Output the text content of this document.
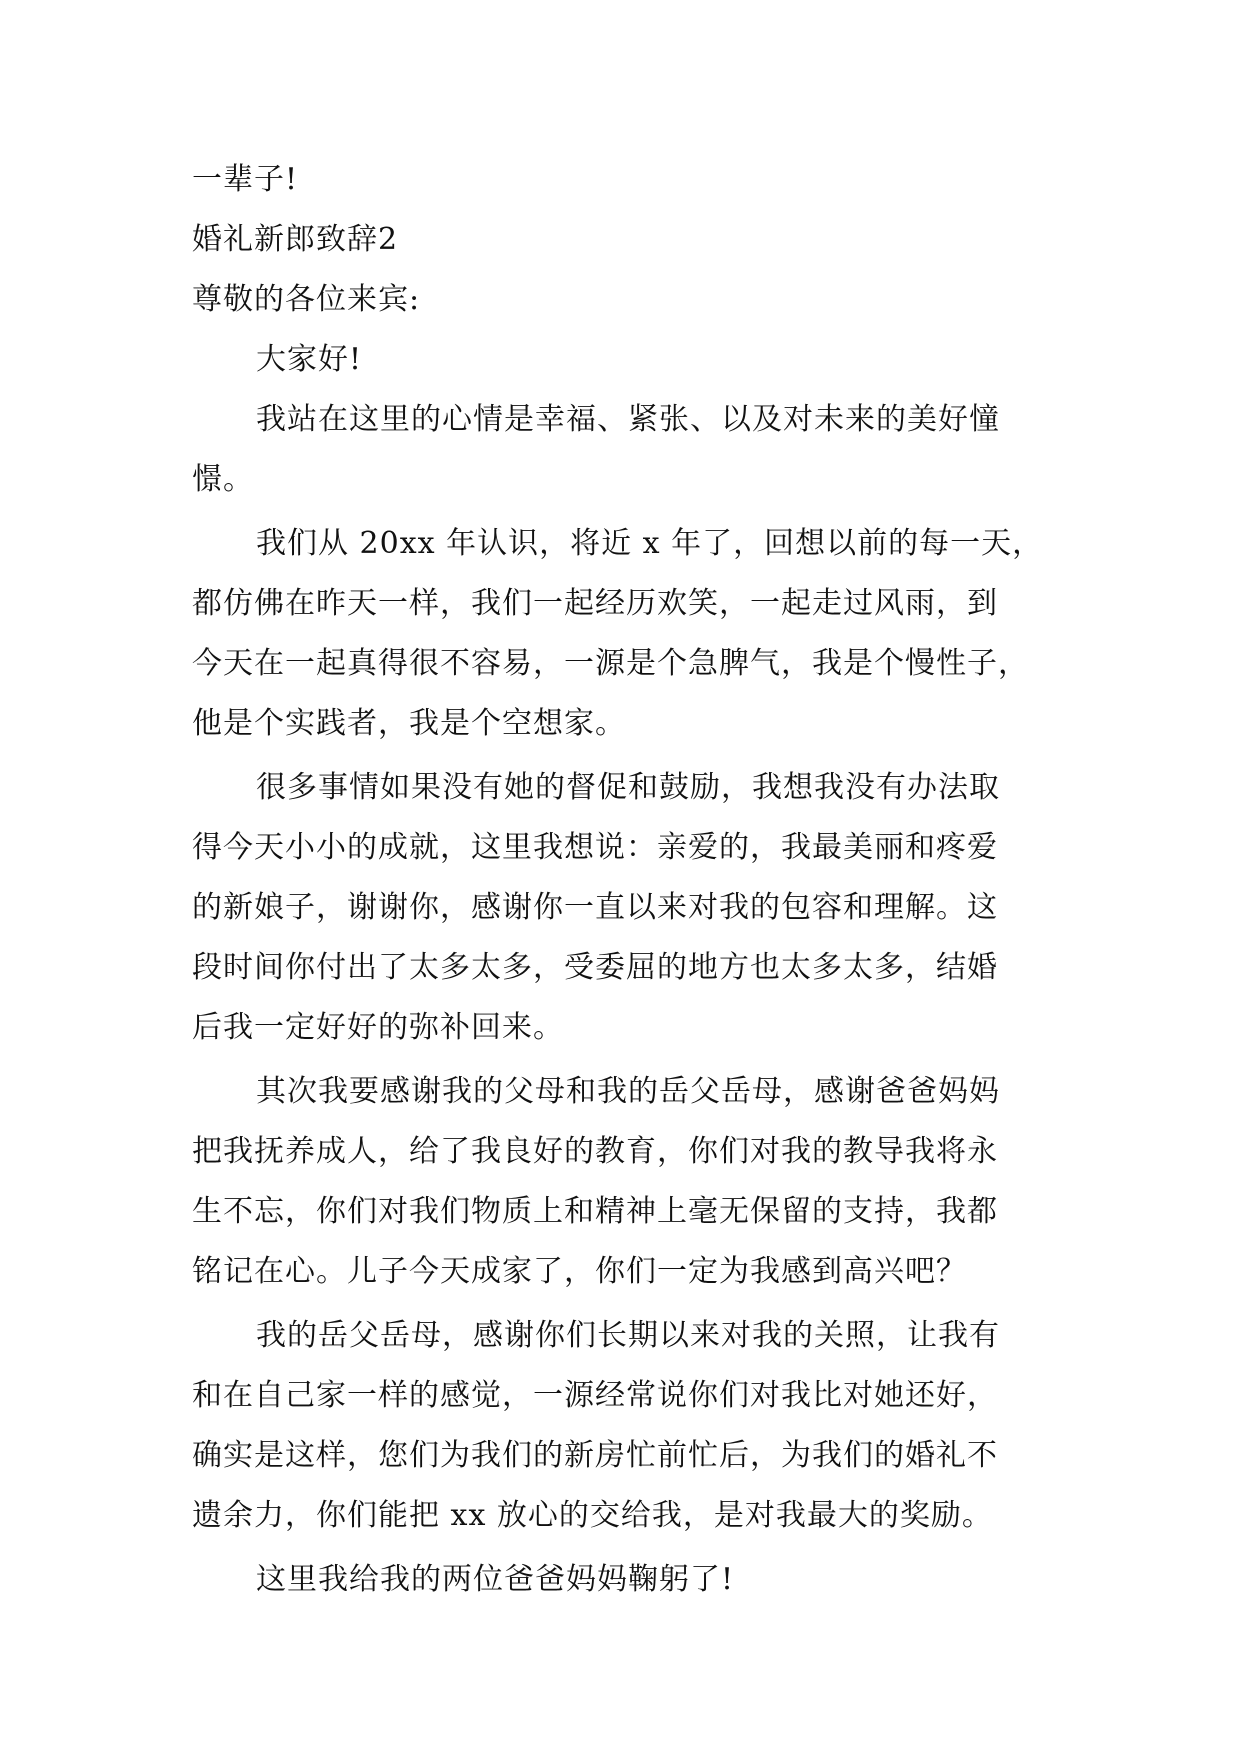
一辈子!

婚礼新郎致辞2

尊敬的各位来宾:

大家好!

我站在这里的心情是幸福、紧张、以及对未来的美好憧
憬。
我们从 20xx 年认识，将近 x 年了，回想以前的每一天，
都仿佛在昨天一样，我们一起经历欢笑，一起走过风雨，到
今天在一起真得很不容易，一源是个急脾气，我是个慢性子，
他是个实践者，我是个空想家。
很多事情如果没有她的督促和鼓励，我想我没有办法取
得今天小小的成就，这里我想说：亲爱的，我最美丽和疼爱
的新娘子，谢谢你，感谢你一直以来对我的包容和理解。这
段时间你付出了太多太多，受委屈的地方也太多太多，结婚
后我一定好好的弥补回来。
其次我要感谢我的父母和我的岳父岳母，感谢爸爸妈妈
把我抚养成人，给了我良好的教育，你们对我的教导我将永
生不忘，你们对我们物质上和精神上毫无保留的支持，我都
铭记在心。儿子今天成家了，你们一定为我感到高兴吧？
我的岳父岳母，感谢你们长期以来对我的关照，让我有
和在自己家一样的感觉，一源经常说你们对我比对她还好，
确实是这样，您们为我们的新房忙前忙后，为我们的婚礼不
遗余力，你们能把 xx 放心的交给我，是对我最大的奖励。
这里我给我的两位爸爸妈妈鞠躬了!
